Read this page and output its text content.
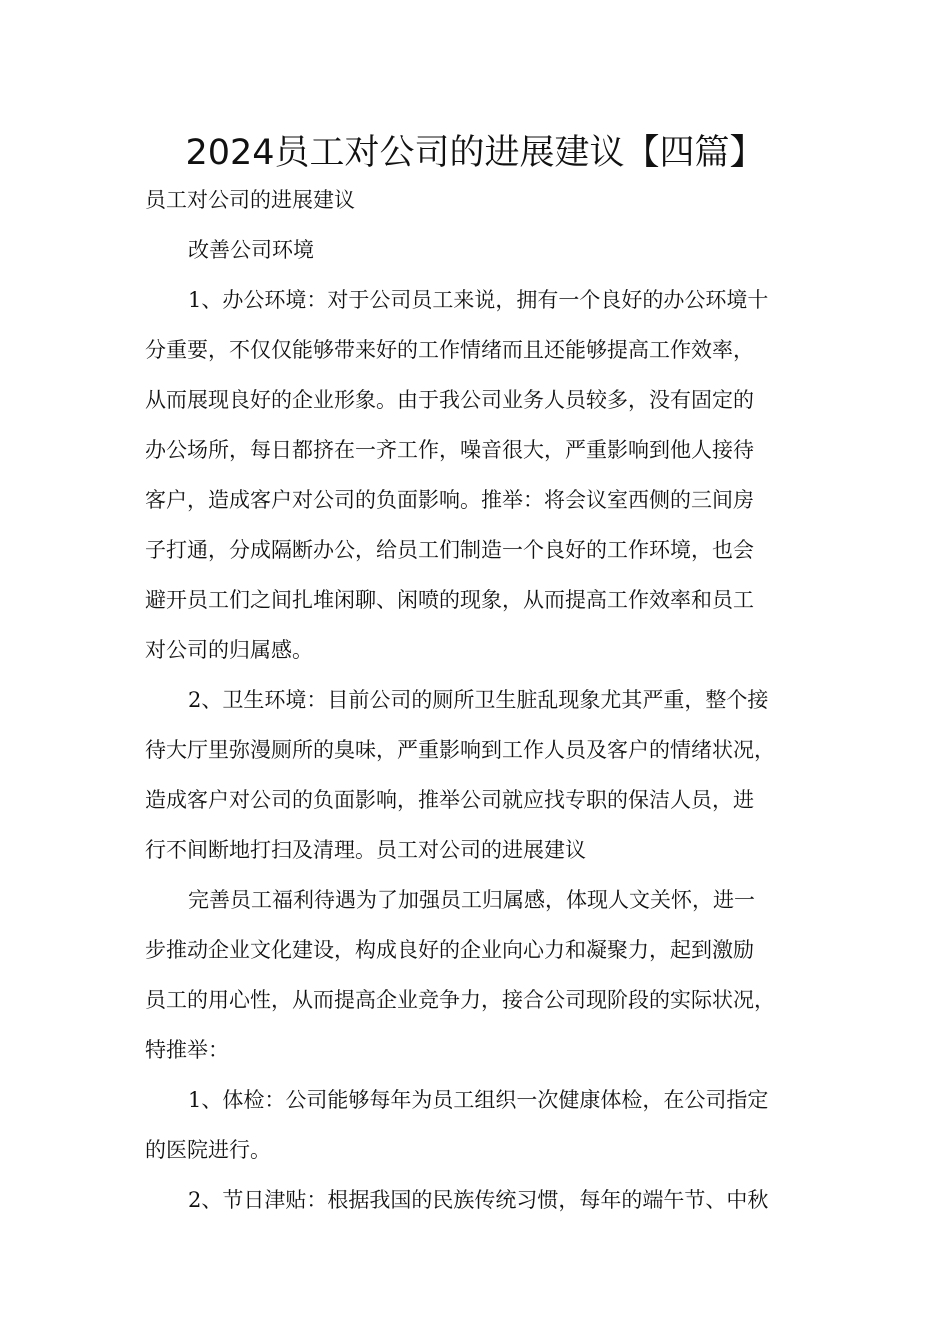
2024员工对公司的进展建议【四篇】
员工对公司的进展建议
改善公司环境
1、办公环境：对于公司员工来说，拥有一个良好的办公环境十
分重要，不仅仅能够带来好的工作情绪而且还能够提高工作效率，
从而展现良好的企业形象。由于我公司业务人员较多，没有固定的
办公场所，每日都挤在一齐工作，噪音很大，严重影响到他人接待
客户，造成客户对公司的负面影响。推举：将会议室西侧的三间房
子打通，分成隔断办公，给员工们制造一个良好的工作环境，也会
避开员工们之间扎堆闲聊、闲喷的现象，从而提高工作效率和员工
对公司的归属感。
2、卫生环境：目前公司的厕所卫生脏乱现象尤其严重，整个接
待大厅里弥漫厕所的臭味，严重影响到工作人员及客户的情绪状况，
造成客户对公司的负面影响，推举公司就应找专职的保洁人员，进
行不间断地打扫及清理。员工对公司的进展建议
完善员工福利待遇为了加强员工归属感，体现人文关怀，进一
步推动企业文化建设，构成良好的企业向心力和凝聚力，起到激励
员工的用心性，从而提高企业竞争力，接合公司现阶段的实际状况，
特推举：
1、体检：公司能够每年为员工组织一次健康体检，在公司指定
的医院进行。
2、节日津贴：根据我国的民族传统习惯，每年的端午节、中秋
